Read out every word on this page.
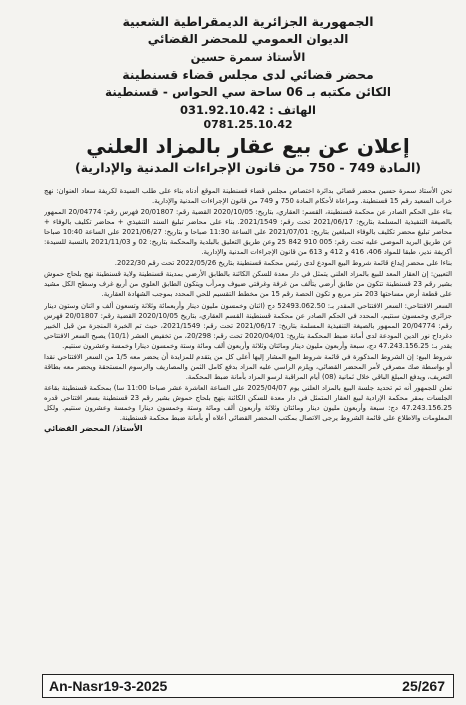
الجمهورية الجزائرية الديمقراطية الشعبية
الديوان العمومي للمحضر القضائي
الأستاذ سمرة حسين
محضر قضائي لدى مجلس قضاء قسنطينة
الكائن مكتبه بـ 06 ساحة سي الحواس - قسنطينة
الهاتف : 031.92.10.42
0781.25.10.42
إعلان عن بيع عقار بالمزاد العلني
(المادة 749 - 750 من قانون الإجراءات المدنية والإدارية)

نحن الأستاذ سمرة حسين محضر قضائي بدائرة اختصاص مجلس قضاء قسنطينة الموقع أدناه بناء على طلب السيدة لكريفة سعاد العنوان: نهج خراب السعيد رقم 15 قسنطينة. ومراعاة لأحكام المادة 750 و 749 من قانون الإجراءات المدنية والإدارية.

بناء على الحكم الصادر عن محكمة قسنطينة، القسم: العقاري، بتاريخ: 2020/10/05 القضية رقم: 20/01807 فهرس رقم: 20/04774 الممهور بالصيغة التنفيذية المسلمة بتاريخ: 2021/06/17 تحت رقم: 2021/1549. بناء على محاضر تبليغ السند التنفيذي + محاضر تكليف بالوفاء + محاضر تبليغ محضر تكليف بالوفاء المبلغين بتاريخ: 2021/07/01 على الساعة 11:30 صباحا و بتاريخ: 2021/06/27 على الساعة 10:40 صباحا عن طريق البريد الموصى عليه تحت رقم: 005 910 842 25 وعن طريق التعليق بالبلدية والمحكمة بتاريخ: 02 و 2021/11/03 بالنسبة للسيدة: أكريفة نذير، طبقا للمواد 406، 416 و 412 و 613 من قانون الإجراءات المدنية والإدارية.

بناءا على محضر إيداع قائمة شروط البيع المودع لدى رئيس محكمة قسنطينة بتاريخ 2022/05/26 تحت رقم 2022/30.

التعيين: إن العقار المعد للبيع بالمزاد العلني يتمثل في دار معدة للسكن الكائنة بالطابق الأرضي بمدينة قسنطينة ولاية قسنطينة نهج بلحاج حموش بشير رقم 23 قسنطينة تتكون من طابق أرضي يتألف من غرفة وغرفتي ضيوف ومرأب ويتكون الطابق العلوي من أربع غرف وسطح الكل مشيد على قطعة أرض مساحتها 203 متر مربع و تكون الحصة رقم 15 من مخطط التقسيم للحي المحدد بموجب الشهادة العقارية.

السعر الافتتاحي: السعر الافتتاحي المقدر بـ: 52493.062.50 دج (اثنان وخمسون مليون دينار وأربعمائة وثلاثة وتسعون ألف و اثنان وستون دينار جزائري وخمسون سنتيم، المحدد في الحكم الصادر عن محكمة قسنطينة القسم العقاري، بتاريخ 2020/10/05 القضية رقم: 20/01807 فهرس رقم: 20/04774 الممهور بالصيغة التنفيذية المسلمة بتاريخ: 2021/06/17 تحت رقم: 2021/1549، حيث تم الخبرة المنجزة من قبل الخبير دغرداح نور الدين المودعة لدى أمانة ضبط المحكمة بتاريخ: 2020/04/01 تحت رقم: 20/298، من تخفيض العشر (10/1) يصبح السعر الافتتاحي يقدر بـ: 47.243.156.25 دج، سبعة وأربعون مليون دينار ومائتان وثلاثة وأربعون ألف ومائة وستة وخمسون دينارا وخمسة وعشرون سنتيم.

شروط البيع: إن الشروط المذكورة في قائمة شروط البيع المشار إليها أعلى كل من يتقدم للمزايدة أن يحضر معه 1/5 من السعر الافتتاحي نقدا أو بواسطة صك مصرفي لأمر المحضر القضائي، ويلزم الراسي عليه المزاد بدفع كامل الثمن والمصاريف والرسوم المستحقة ويحضر معه بطاقة التعريف، ويدفع المبلغ الباقي خلال ثمانية (08) أيام المراقبة لرسو المزاد بأمانة ضبط المحكمة.

نعلن للجمهور أنه تم تحديد جلسة البيع بالمزاد العلني يوم 2025/04/07 على الساعة العاشرة عشر صباحا 11:00 سا) بمحكمة قسنطينة بقاعة الجلسات بمقر محكمة الإرادية لبيع العقار المتمثل في دار معدة للسكن الكائنة بنهج بلحاج حموش بشير رقم 23 قسنطينة بسعر افتتاحي قدره 47.243.156.25 دج: سبعة وأربعون مليون دينار ومائتان وثلاثة وأربعون ألف ومائة وستة وخمسون دينارا وخمسة وعشرون سنتيم. ولكل المعلومات والاطلاع على قائمة الشروط يرجى الاتصال بمكتب المحضر القضائي أعلاه أو بأمانة ضبط محكمة قسنطينة.

الأستاذ/ المحضر القضائي

An-Nasr19-3-2025	25/267
